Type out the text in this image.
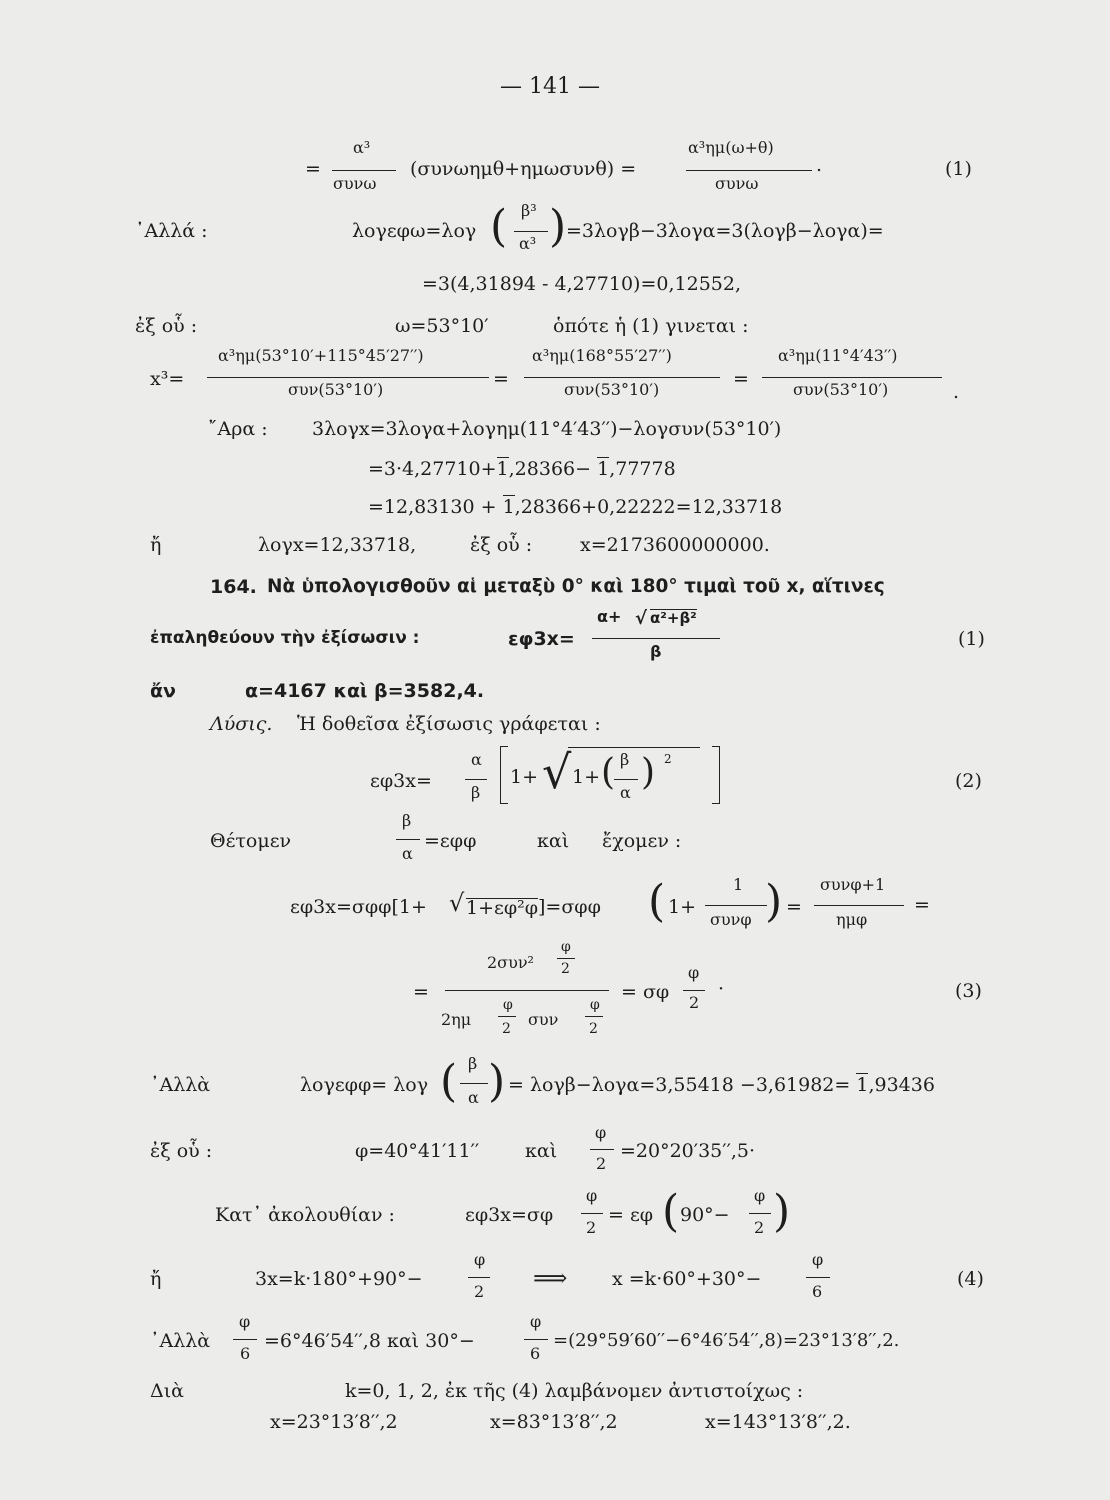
— 141 —
=
α³
συνω
(συνωημθ+ημωσυνθ) =
α³ημ(ω+θ)
συνω
.	(1)
᾿Αλλά :	λογεφω=λογ ( β³
α³ ) =3λογβ−3λογα=3(λογβ−λογα)=
=3(4,31894 - 4,27710)=0,12552,
ἐξ οὗ :	ω=53°10′	ὁπότε ἡ (1) γινεται :
x³=
α³ημ(53°10′+115°45′27′′)
συν(53°10′)	=
α³ημ(168°55′27′′)
συν(53°10′)	=
α³ημ(11°4′43′′)
συν(53°10′)	.
῎Αρα : 3λογx=3λογα+λογημ(11°4′43′′)−λογσυν(53°10′)
=3·4,27710+1,28366− 1,77778
=12,83130 + 1,28366+0,22222=12,33718
ἤ	λογx=12,33718,	ἐξ οὗ :	x=2173600000000.
164. Νὰ ὑπολογισθοῦν αἱ μεταξὺ 0° καὶ 180° τιμαὶ τοῦ x, αἵτινες
ἐπαληθεύουν τὴν ἐξίσωσιν :	εφ3x=
α+ √ α²+β²
β
(1)
ἄν	α=4167 καὶ β=3582,4.
Λύσις. Ἡ δοθεῖσα ἐξίσωσις γράφεται :
εφ3x=
α
β
1+ √ 1+ ( β
α ) 2
(2)
Θέτομεν
β
α
=εφφ	καὶ ἔχομεν :
εφ3x=σφφ[1+ √ 1+εφ²φ ]=σφφ ( 1+
1
συνφ ) =
συνφ+1
ημφ
=
=
2συν²
φ
2
2ημ
φ
2 συν
φ
2
= σφ
φ
2
·	(3)
᾿Αλλὰ	λογεφφ= λογ ( β
α ) = λογβ−λογα=3,55418 −3,61982= 1,93436
ἐξ οὗ :	φ=40°41′11′′ καὶ
φ
2
=20°20′35′′,5·
Κατ᾿ ἀκολουθίαν :	εφ3x=σφ
φ
2
= εφ ( 90°−
φ
2 )
ἤ	3x=k·180°+90°−
φ
2 ⟹ x =k·60°+30°−
φ
6
(4)
᾿Αλλὰ
φ
6
=6°46′54′′,8 καὶ 30°−
φ
6
=(29°59′60′′−6°46′54′′,8)=23°13′8′′,2.
Διὰ	k=0, 1, 2, ἐκ τῆς (4) λαμβάνομεν ἀντιστοίχως :
x=23°13′8′′,2	x=83°13′8′′,2	x=143°13′8′′,2.
